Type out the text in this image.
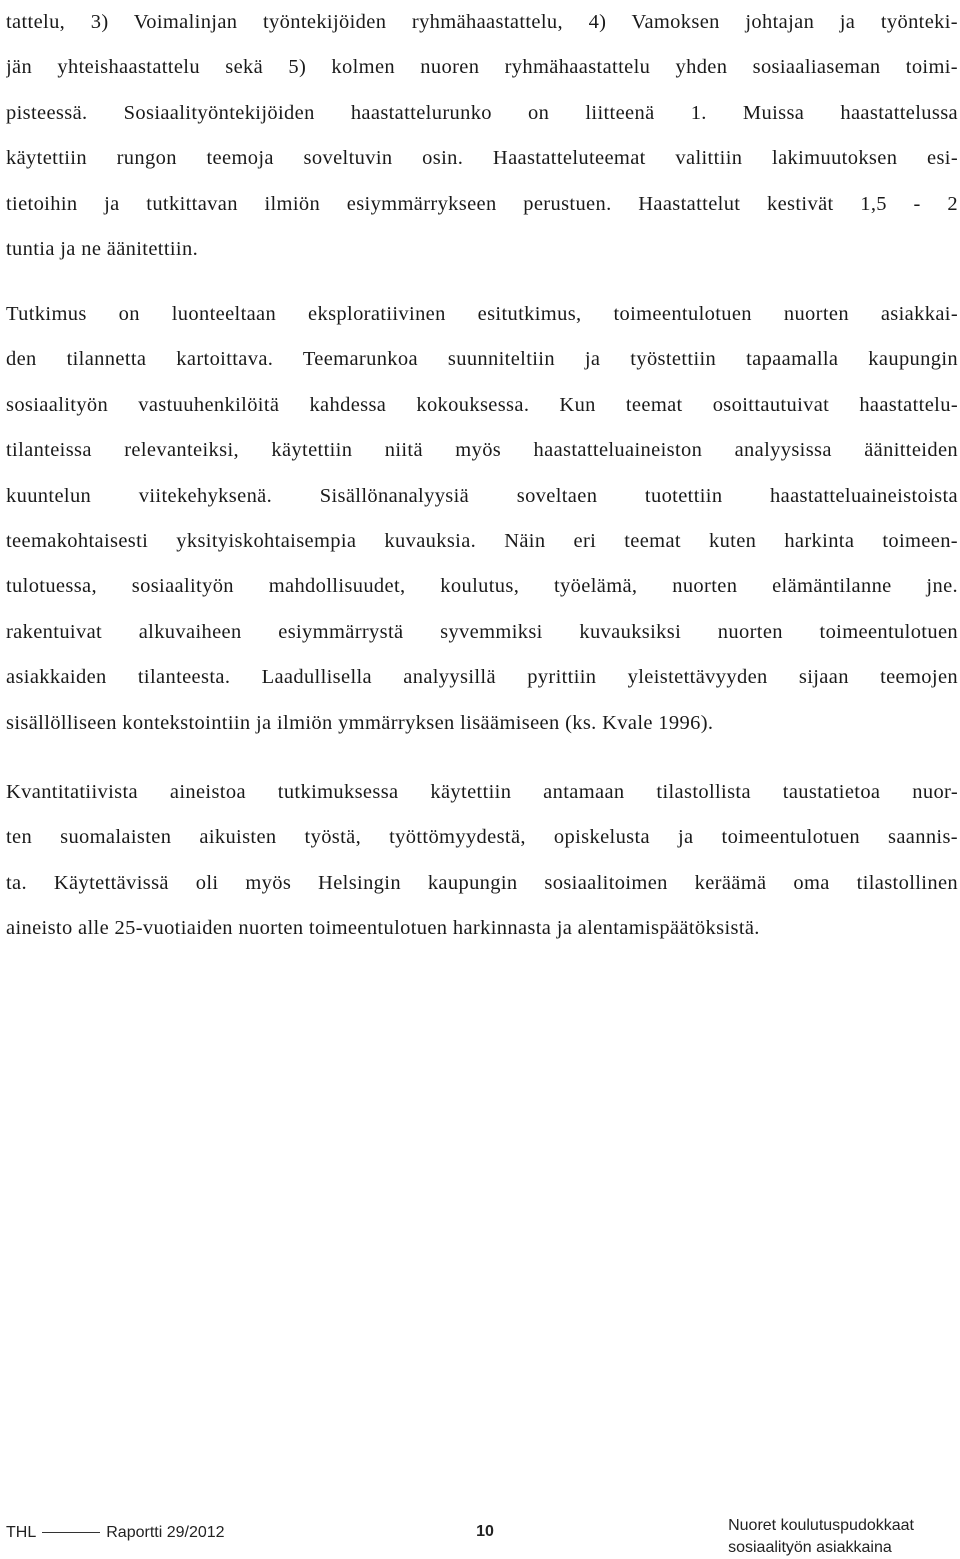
tattelu, 3) Voimalinjan työntekijöiden ryhmähaastattelu, 4) Vamoksen johtajan ja työnteki-
jän yhteishaastattelu sekä 5) kolmen nuoren ryhmähaastattelu yhden sosiaaliaseman toimi-
pisteessä. Sosiaalityöntekijöiden haastattelurunko on liitteenä 1. Muissa haastattelussa
käytettiin rungon teemoja soveltuvin osin. Haastatteluteemat valittiin lakimuutoksen esi-
tietoihin ja tutkittavan ilmiön esiymmärrykseen perustuen. Haastattelut kestivät 1,5 - 2
tuntia ja ne äänitettiin.
Tutkimus on luonteeltaan eksploratiivinen esitutkimus, toimeentulotuen nuorten asiakkai-
den tilannetta kartoittava. Teemarunkoa suunniteltiin ja työstettiin tapaamalla kaupungin
sosiaalityön vastuuhenkilöitä kahdessa kokouksessa. Kun teemat osoittautuivat haastattelu-
tilanteissa relevanteiksi, käytettiin niitä myös haastatteluaineiston analyysissa äänitteiden
kuuntelun viitekehyksenä. Sisällönanalyysiä soveltaen tuotettiin haastatteluaineistoista
teemakohtaisesti yksityiskohtaisempia kuvauksia. Näin eri teemat kuten harkinta toimeen-
tulotuessa, sosiaalityön mahdollisuudet, koulutus, työelämä, nuorten elämäntilanne jne.
rakentuivat alkuvaiheen esiymmärrystä syvemmiksi kuvauksiksi nuorten toimeentulotuen
asiakkaiden tilanteesta. Laadullisella analyysillä pyrittiin yleistettävyyden sijaan teemojen
sisällölliseen kontekstointiin ja ilmiön ymmärryksen lisäämiseen (ks. Kvale 1996).
Kvantitatiivista aineistoa tutkimuksessa käytettiin antamaan tilastollista taustatietoa nuor-
ten suomalaisten aikuisten työstä, työttömyydestä, opiskelusta ja toimeentulotuen saannis-
ta. Käytettävissä oli myös Helsingin kaupungin sosiaalitoimen keräämä oma tilastollinen
aineisto alle 25-vuotiaiden nuorten toimeentulotuen harkinnasta ja alentamispäätöksistä.
THL	Raportti 29/2012	10	Nuoret koulutuspudokkaat
sosiaalityön asiakkaina
